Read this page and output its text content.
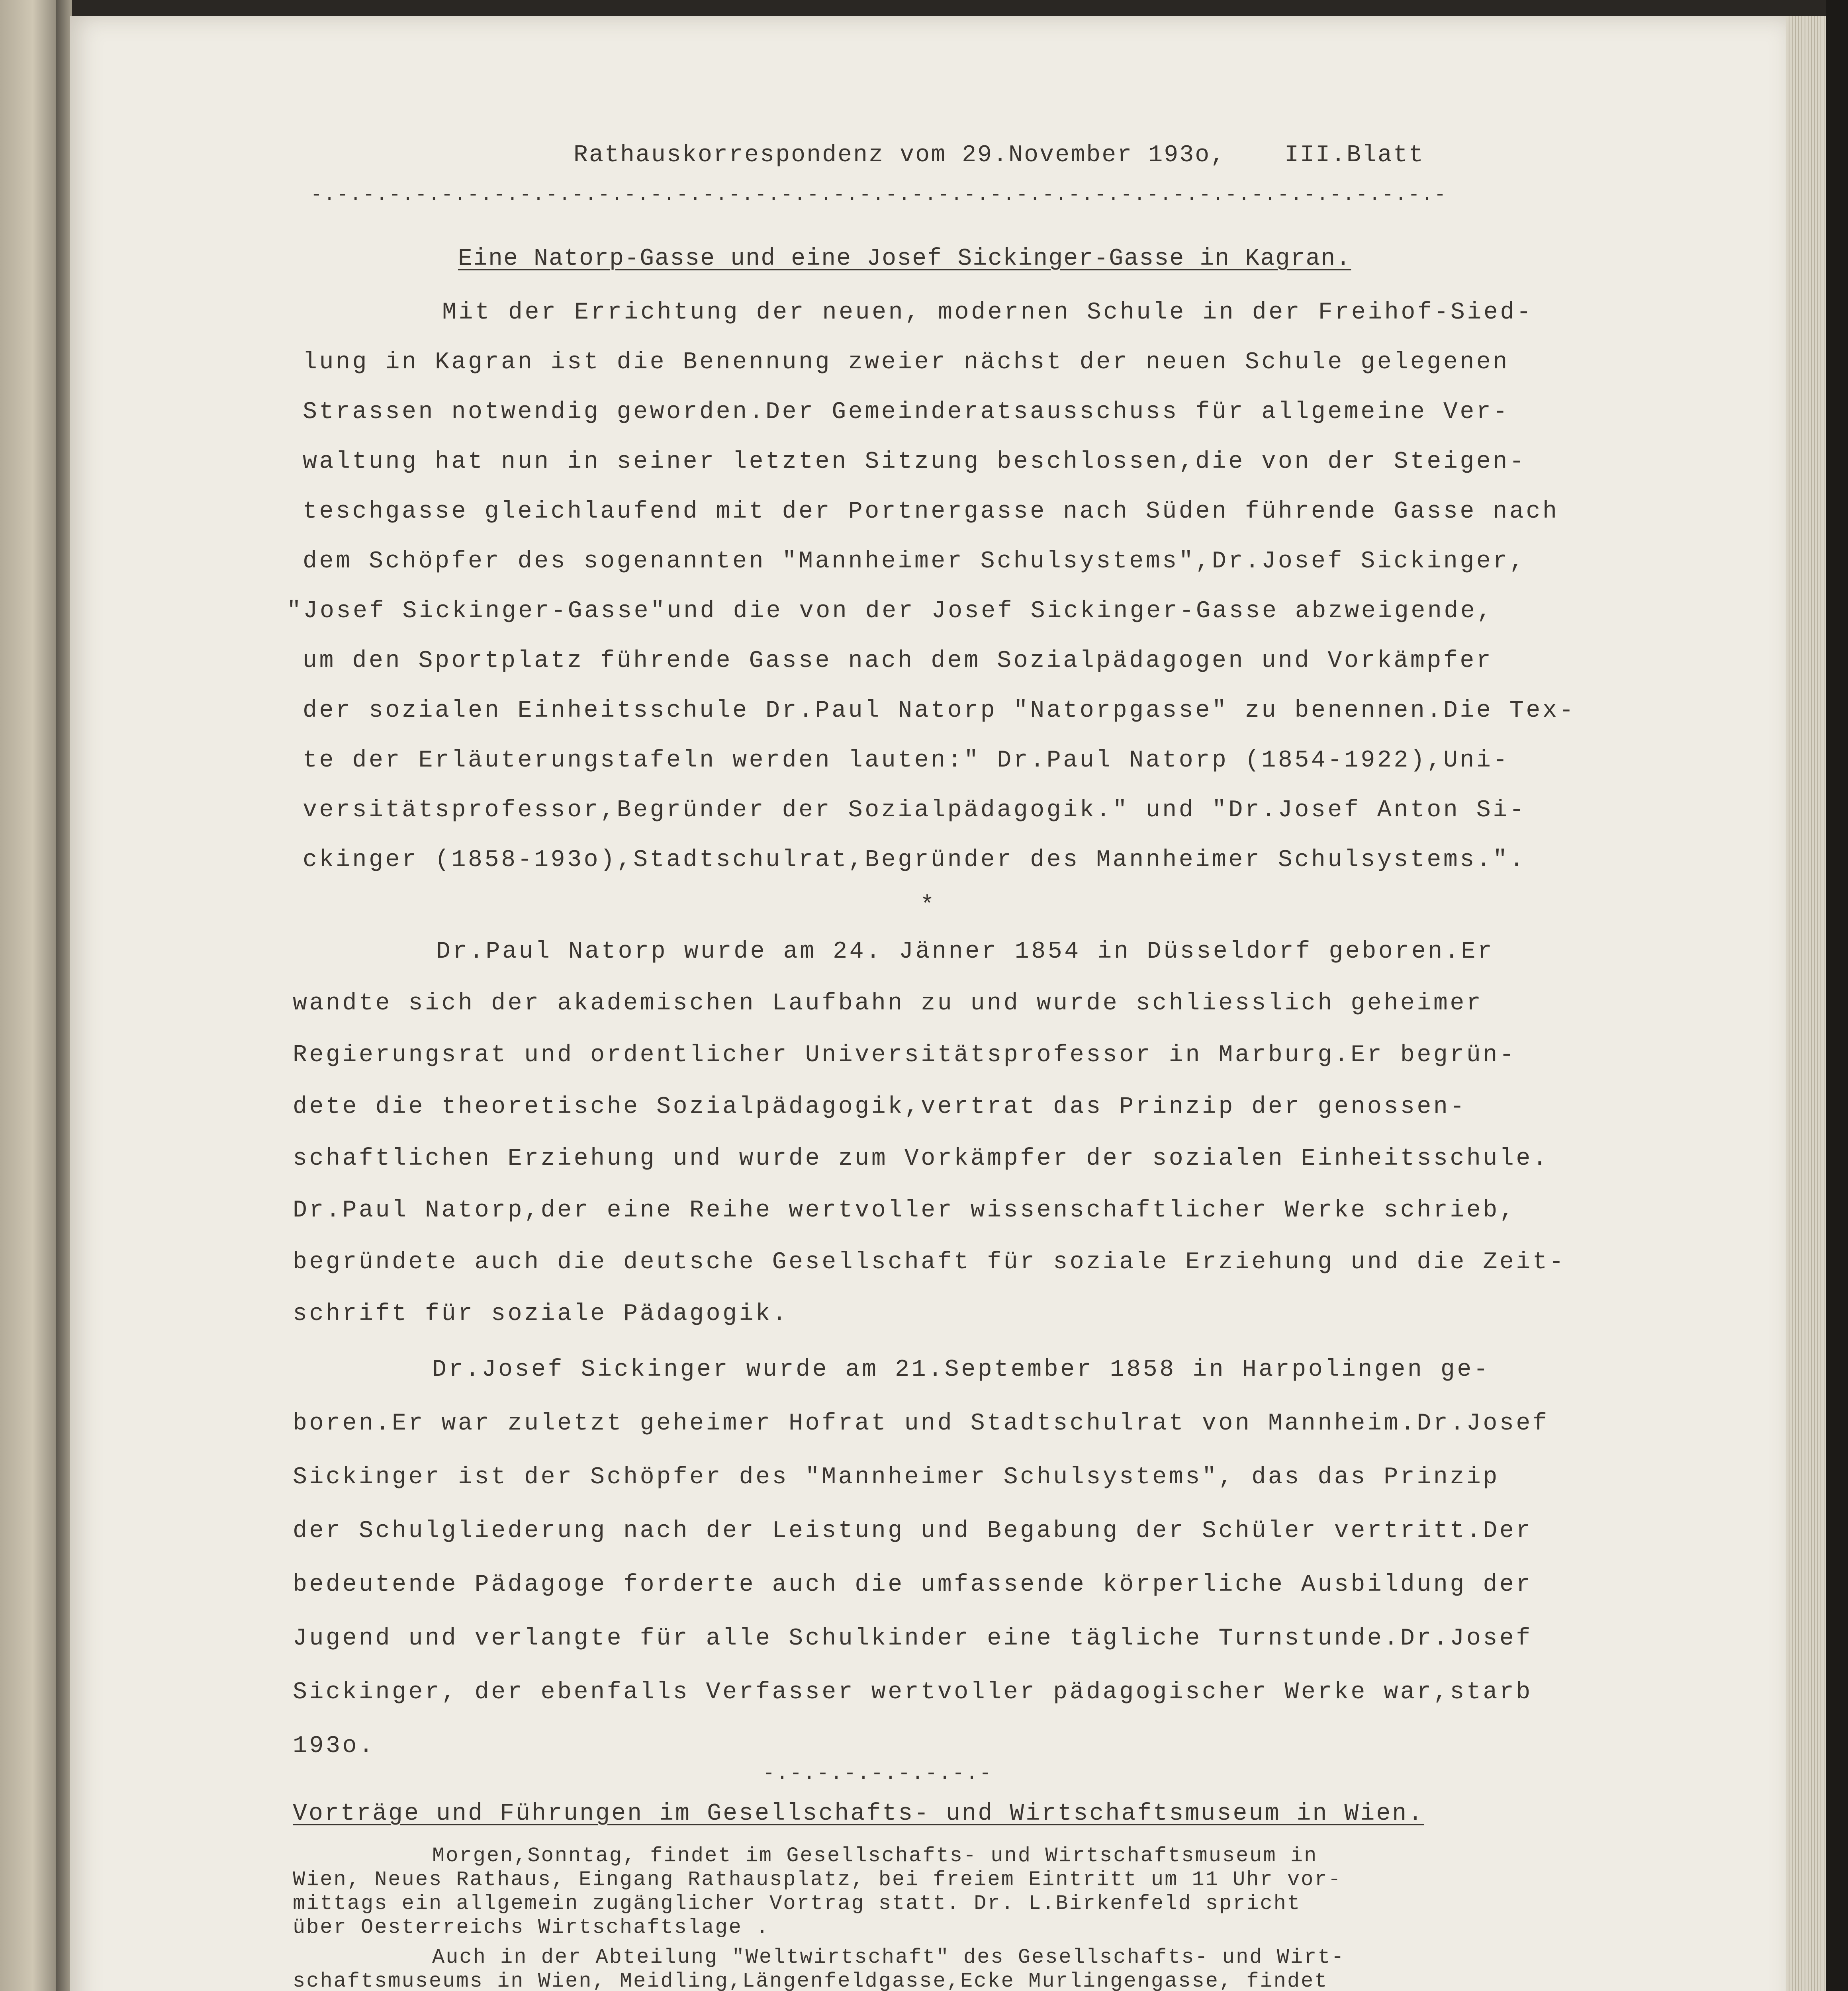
Rathauskorrespondenz vom 29.November 193o, III.Blatt

-.-.-.-.-.-.-.-.-.-.-.-.-.-.-.-.-.-.-.-.-.-.-.-.-.-.-.-.-.-.-.-.-.-.-.-.-.-.-.-.-.-.-.-

Eine Natorp-Gasse und eine Josef Sickinger-Gasse in Kagran.

Mit der Errichtung der neuen, modernen Schule in der Freihof-Sied-

lung in Kagran ist die Benennung zweier nächst der neuen Schule gelegenen

Strassen notwendig geworden.Der Gemeinderatsausschuss für allgemeine Ver-

waltung hat nun in seiner letzten Sitzung beschlossen,die von der Steigen-

teschgasse gleichlaufend mit der Portnergasse nach Süden führende Gasse nach

dem Schöpfer des sogenannten "Mannheimer Schulsystems",Dr.Josef Sickinger,

"Josef Sickinger-Gasse"und die von der Josef Sickinger-Gasse abzweigende,

um den Sportplatz führende Gasse nach dem Sozialpädagogen und Vorkämpfer

der sozialen Einheitsschule Dr.Paul Natorp "Natorpgasse" zu benennen.Die Tex-

te der Erläuterungstafeln werden lauten:" Dr.Paul Natorp (1854-1922),Uni-

versitätsprofessor,Begründer der Sozialpädagogik." und "Dr.Josef Anton Si-

ckinger (1858-193o),Stadtschulrat,Begründer des Mannheimer Schulsystems.".

*

Dr.Paul Natorp wurde am 24. Jänner 1854 in Düsseldorf geboren.Er

wandte sich der akademischen Laufbahn zu und wurde schliesslich geheimer

Regierungsrat und ordentlicher Universitätsprofessor in Marburg.Er begrün-

dete die theoretische Sozialpädagogik,vertrat das Prinzip der genossen-

schaftlichen Erziehung und wurde zum Vorkämpfer der sozialen Einheitsschule.

Dr.Paul Natorp,der eine Reihe wertvoller wissenschaftlicher Werke schrieb,

begründete auch die deutsche Gesellschaft für soziale Erziehung und die Zeit-

schrift für soziale Pädagogik.

Dr.Josef Sickinger wurde am 21.September 1858 in Harpolingen ge-

boren.Er war zuletzt geheimer Hofrat und Stadtschulrat von Mannheim.Dr.Josef

Sickinger ist der Schöpfer des "Mannheimer Schulsystems", das das Prinzip

der Schulgliederung nach der Leistung und Begabung der Schüler vertritt.Der

bedeutende Pädagoge forderte auch die umfassende körperliche Ausbildung der

Jugend und verlangte für alle Schulkinder eine tägliche Turnstunde.Dr.Josef

Sickinger, der ebenfalls Verfasser wertvoller pädagogischer Werke war,starb

193o.

-.-.-.-.-.-.-.-.-

Vorträge und Führungen im Gesellschafts- und Wirtschaftsmuseum in Wien.

Morgen,Sonntag, findet im Gesellschafts- und Wirtschaftsmuseum in

Wien, Neues Rathaus, Eingang Rathausplatz, bei freiem Eintritt um 11 Uhr vor-

mittags ein allgemein zugänglicher Vortrag statt. Dr. L.Birkenfeld spricht

über Oesterreichs Wirtschaftslage .

Auch in der Abteilung "Weltwirtschaft" des Gesellschafts- und Wirt-

schaftsmuseums in Wien, Meidling,Längenfeldgasse,Ecke Murlingengasse, findet
